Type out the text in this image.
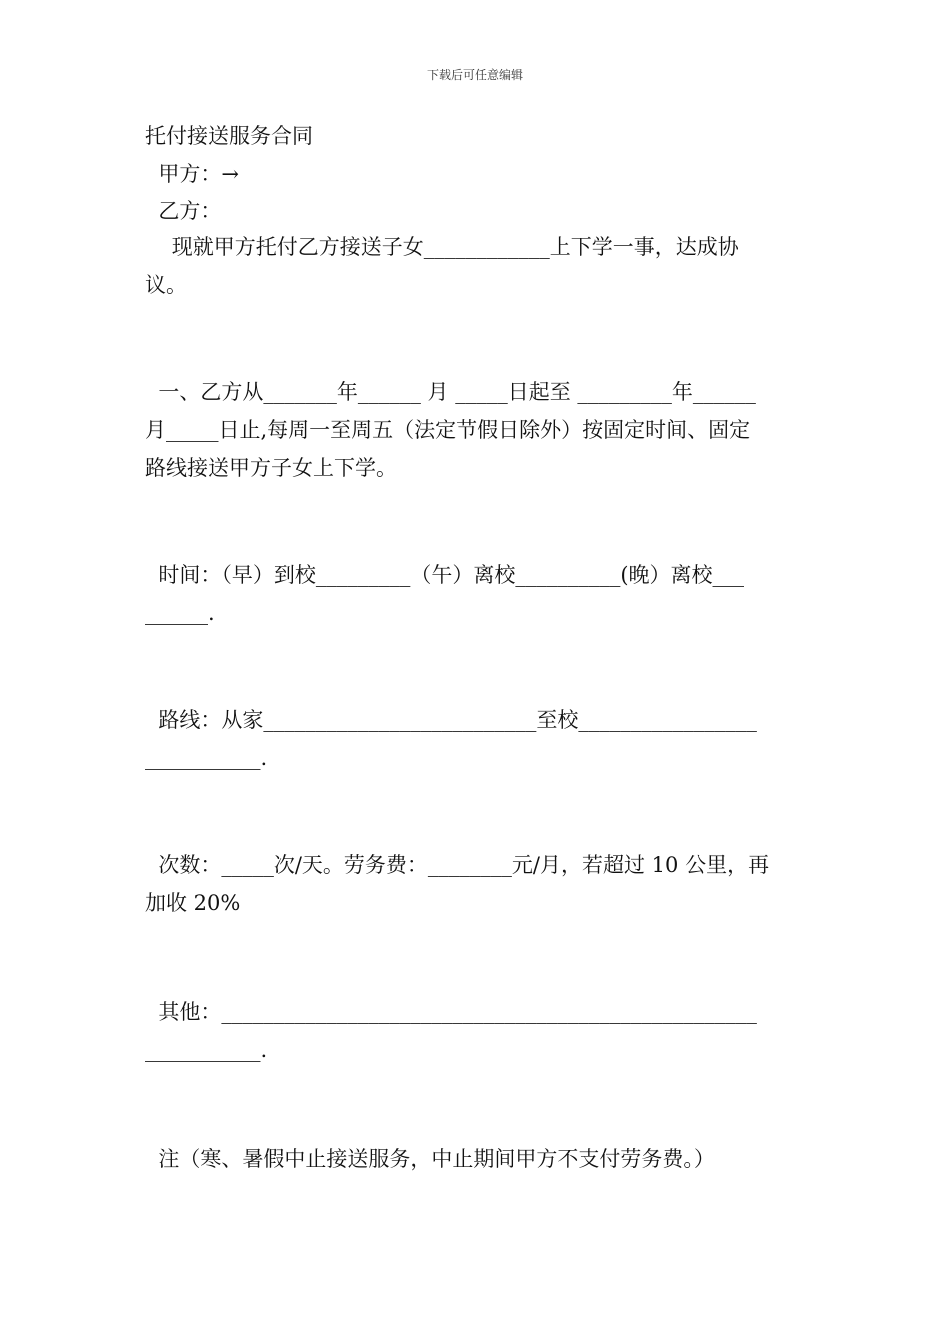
下载后可任意编辑
托付接送服务合同
甲方：→
乙方：
现就甲方托付乙方接送子女____________上下学一事，达成协
议。
一、乙方从_______年______ 月 _____日起至 _________年______
月_____日止,每周一至周五（法定节假日除外）按固定时间、固定
路线接送甲方子女上下学。
时间：（早）到校_________（午）离校__________(晚）离校___
______.
路线：从家__________________________至校_________________
___________.
次数：_____次/天。劳务费：________元/月，若超过 10 公里，再
加收 20%
其他：___________________________________________________
___________.
注（寒、暑假中止接送服务，中止期间甲方不支付劳务费。）
